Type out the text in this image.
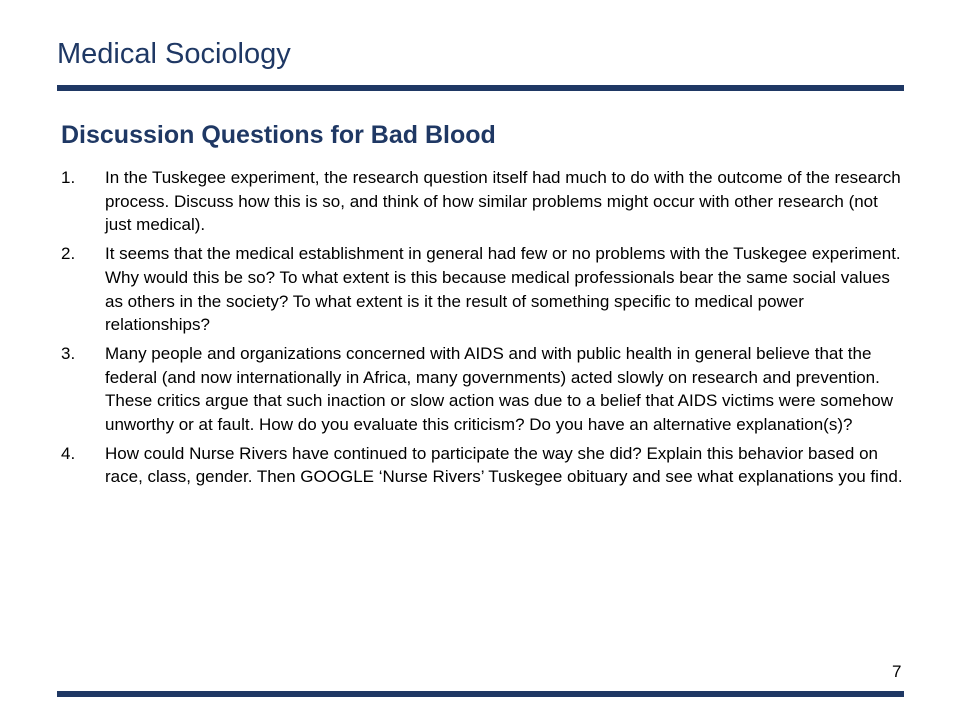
Medical Sociology
Discussion Questions for Bad Blood
1.	In the Tuskegee experiment, the research question itself had much to do with the outcome of the research process. Discuss how this is so, and think of how similar problems might occur with other research (not just medical).
2.	It seems that the medical establishment in general had few or no problems with the Tuskegee experiment. Why would this be so? To what extent is this because medical professionals bear the same social values as others in the society? To what extent is it the result of something specific to medical power relationships?
3.	Many people and organizations concerned with AIDS and with public health in general believe that the federal (and now internationally in Africa, many governments) acted slowly on research and prevention. These critics argue that such inaction or slow action was due to a belief that AIDS victims were somehow unworthy or at fault. How do you evaluate this criticism? Do you have an alternative explanation(s)?
4.	How could Nurse Rivers have continued to participate the way she did? Explain this behavior based on race, class, gender. Then GOOGLE ‘Nurse Rivers’ Tuskegee obituary and see what explanations you find.
7
